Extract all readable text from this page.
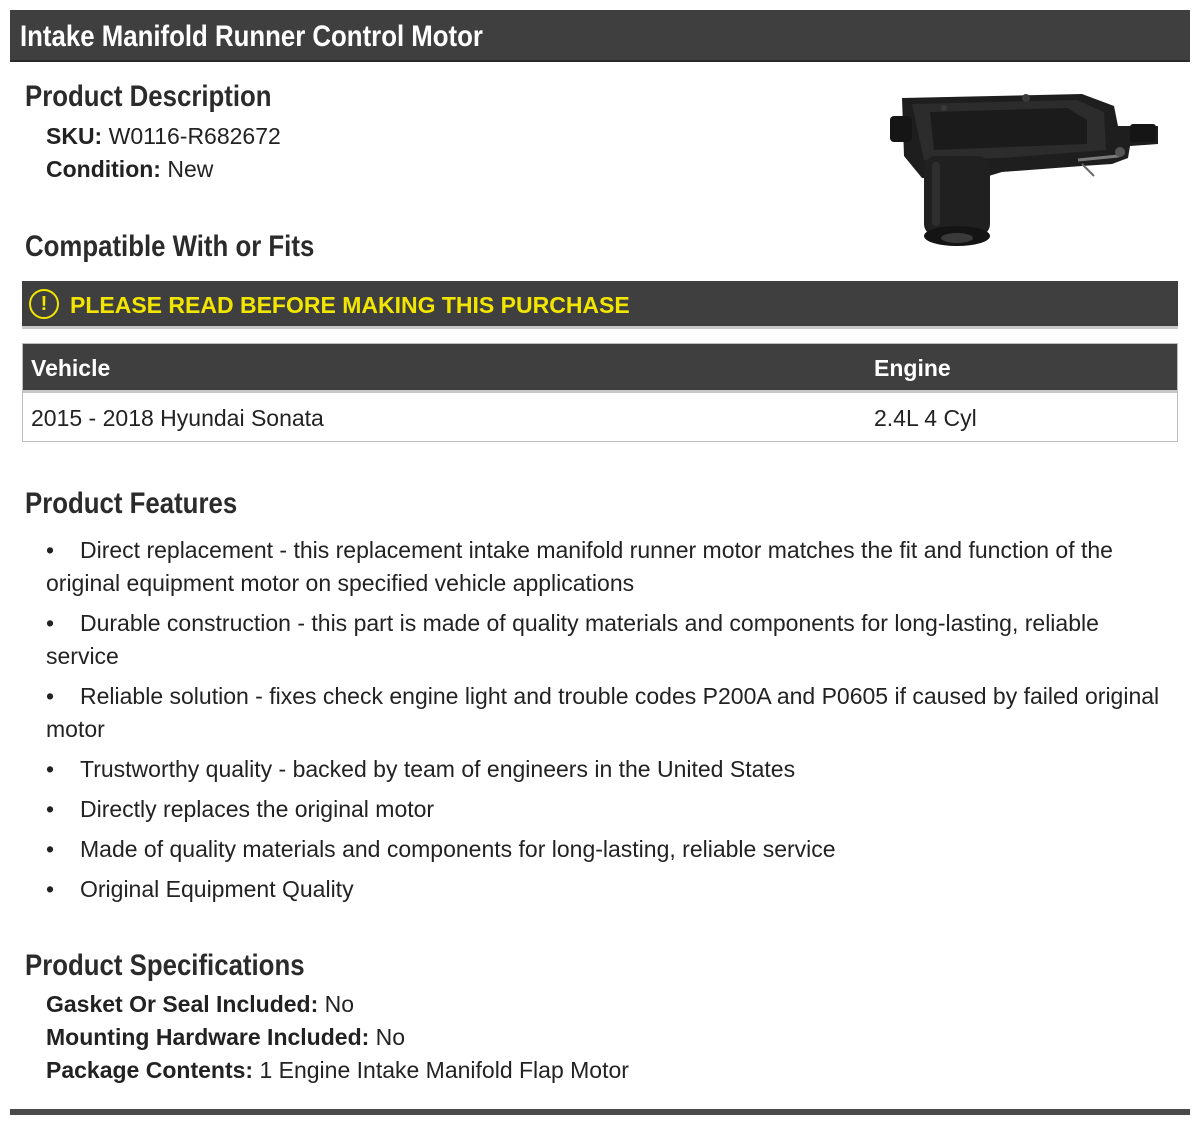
Intake Manifold Runner Control Motor
Product Description
SKU: W0116-R682672
Condition: New
Compatible With or Fits
! PLEASE READ BEFORE MAKING THIS PURCHASE
Vehicle	Engine
2015 - 2018 Hyundai Sonata	2.4L 4 Cyl
Product Features
• Direct replacement - this replacement intake manifold runner motor matches the fit and function of the original equipment motor on specified vehicle applications
• Durable construction - this part is made of quality materials and components for long-lasting, reliable service
• Reliable solution - fixes check engine light and trouble codes P200A and P0605 if caused by failed original motor
• Trustworthy quality - backed by team of engineers in the United States
• Directly replaces the original motor
• Made of quality materials and components for long-lasting, reliable service
• Original Equipment Quality
Product Specifications
Gasket Or Seal Included: No
Mounting Hardware Included: No
Package Contents: 1 Engine Intake Manifold Flap Motor
